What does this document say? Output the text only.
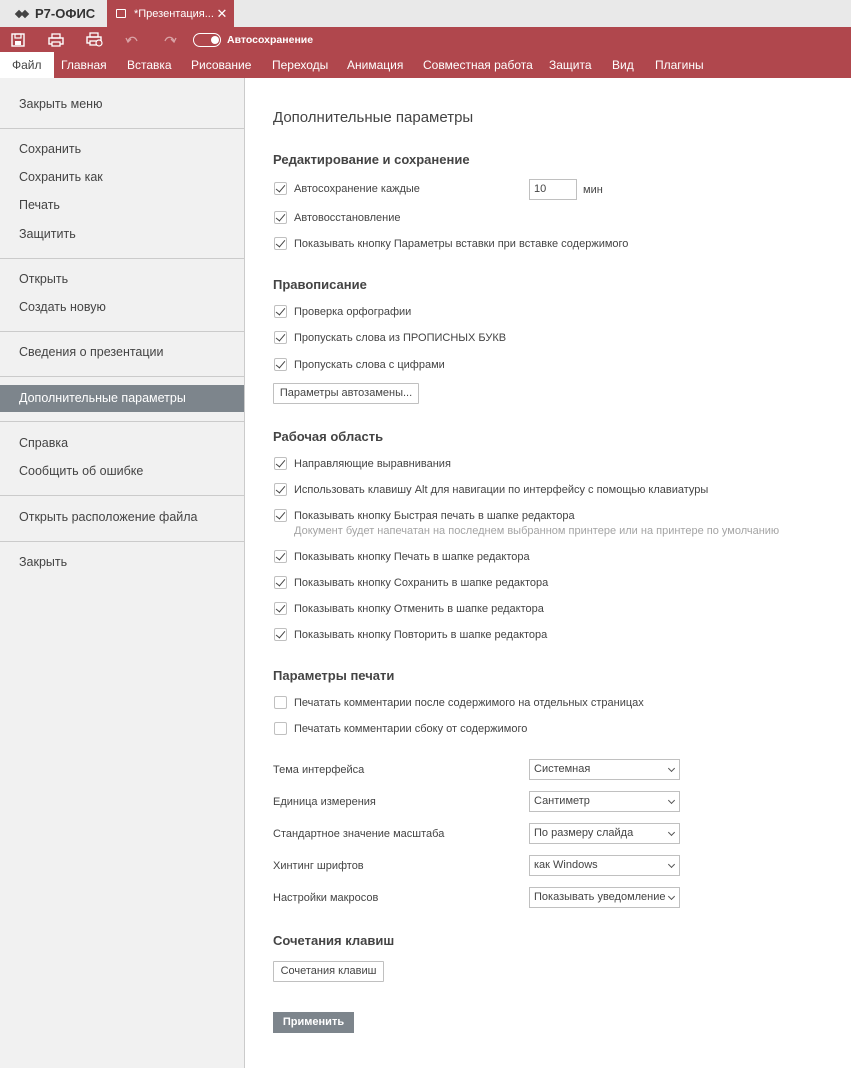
Р7-ОФИС	*Презентация... ✕
Автосохранение
Файл	Главная Вставка Рисование Переходы Анимация Совместная работа Защита Вид Плагины
Закрыть меню
Сохранить
Сохранить как
Печать
Защитить
Открыть
Создать новую
Сведения о презентации
Дополнительные параметры
Справка
Сообщить об ошибке
Открыть расположение файла
Закрыть
Дополнительные параметры
Редактирование и сохранение
Автосохранение каждые	10	мин
Автовосстановление
Показывать кнопку Параметры вставки при вставке содержимого
Правописание
Проверка орфографии
Пропускать слова из ПРОПИСНЫХ БУКВ
Пропускать слова с цифрами
Параметры автозамены...
Рабочая область
Направляющие выравнивания
Использовать клавишу Alt для навигации по интерфейсу с помощью клавиатуры
Показывать кнопку Быстрая печать в шапке редактора
Документ будет напечатан на последнем выбранном принтере или на принтере по умолчанию
Показывать кнопку Печать в шапке редактора
Показывать кнопку Сохранить в шапке редактора
Показывать кнопку Отменить в шапке редактора
Показывать кнопку Повторить в шапке редактора
Параметры печати
Печатать комментарии после содержимого на отдельных страницах
Печатать комментарии сбоку от содержимого
Тема интерфейса	Системная
Единица измерения	Сантиметр
Стандартное значение масштаба	По размеру слайда
Хинтинг шрифтов	как Windows
Настройки макросов	Показывать уведомление
Сочетания клавиш
Сочетания клавиш
Применить
